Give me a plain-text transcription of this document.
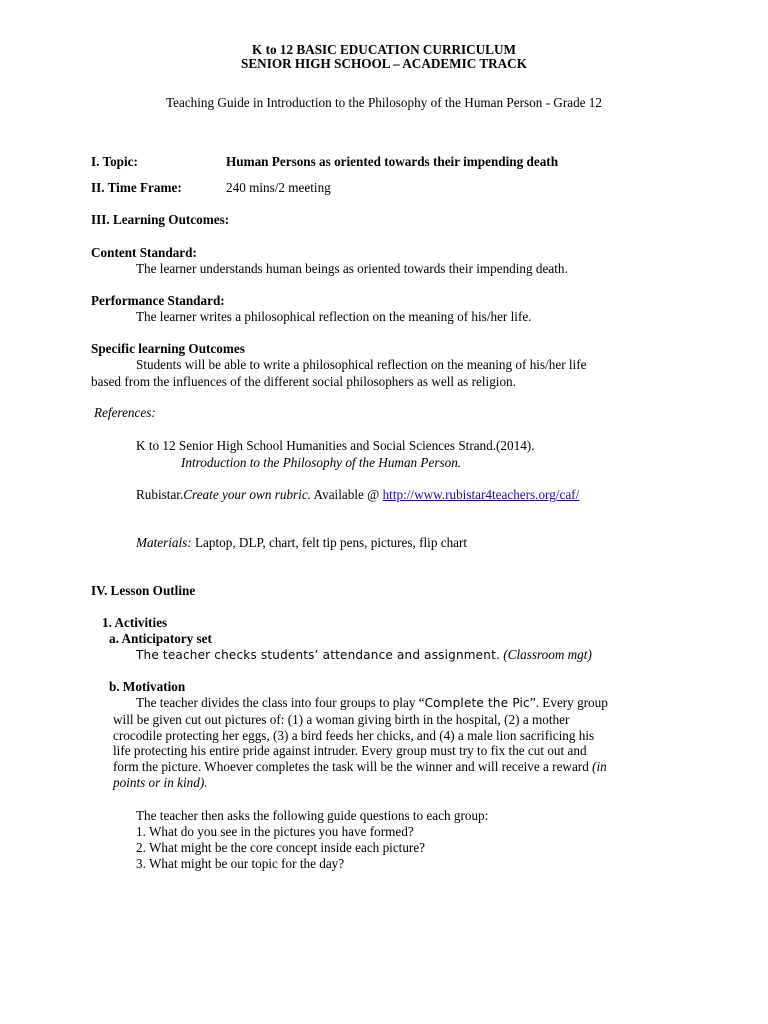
K to 12 BASIC EDUCATION CURRICULUM
SENIOR HIGH SCHOOL – ACADEMIC TRACK
Teaching Guide in Introduction to the Philosophy of the Human Person - Grade 12
I. Topic:	Human Persons as oriented towards their impending death
II. Time Frame:	240 mins/2 meeting
III. Learning Outcomes:
Content Standard:
The learner understands human beings as oriented towards their impending death.
Performance Standard:
The learner writes a philosophical reflection on the meaning of his/her life.
Specific learning Outcomes
Students will be able to write a philosophical reflection on the meaning of his/her life
based from the influences of the different social philosophers as well as religion.
References:
K to 12 Senior High School Humanities and Social Sciences Strand.(2014).
Introduction to the Philosophy of the Human Person.
Rubistar.Create your own rubric. Available @ http://www.rubistar4teachers.org/caf/
Materials: Laptop, DLP, chart, felt tip pens, pictures, flip chart
IV. Lesson Outline
1. Activities
a. Anticipatory set
The teacher checks students’ attendance and assignment. (Classroom mgt)
b. Motivation
The teacher divides the class into four groups to play “Complete the Pic”. Every group
will be given cut out pictures of: (1) a woman giving birth in the hospital, (2) a mother
crocodile protecting her eggs, (3) a bird feeds her chicks, and (4) a male lion sacrificing his
life protecting his entire pride against intruder. Every group must try to fix the cut out and
form the picture. Whoever completes the task will be the winner and will receive a reward (in
points or in kind).
The teacher then asks the following guide questions to each group:
1. What do you see in the pictures you have formed?
2. What might be the core concept inside each picture?
3. What might be our topic for the day?
